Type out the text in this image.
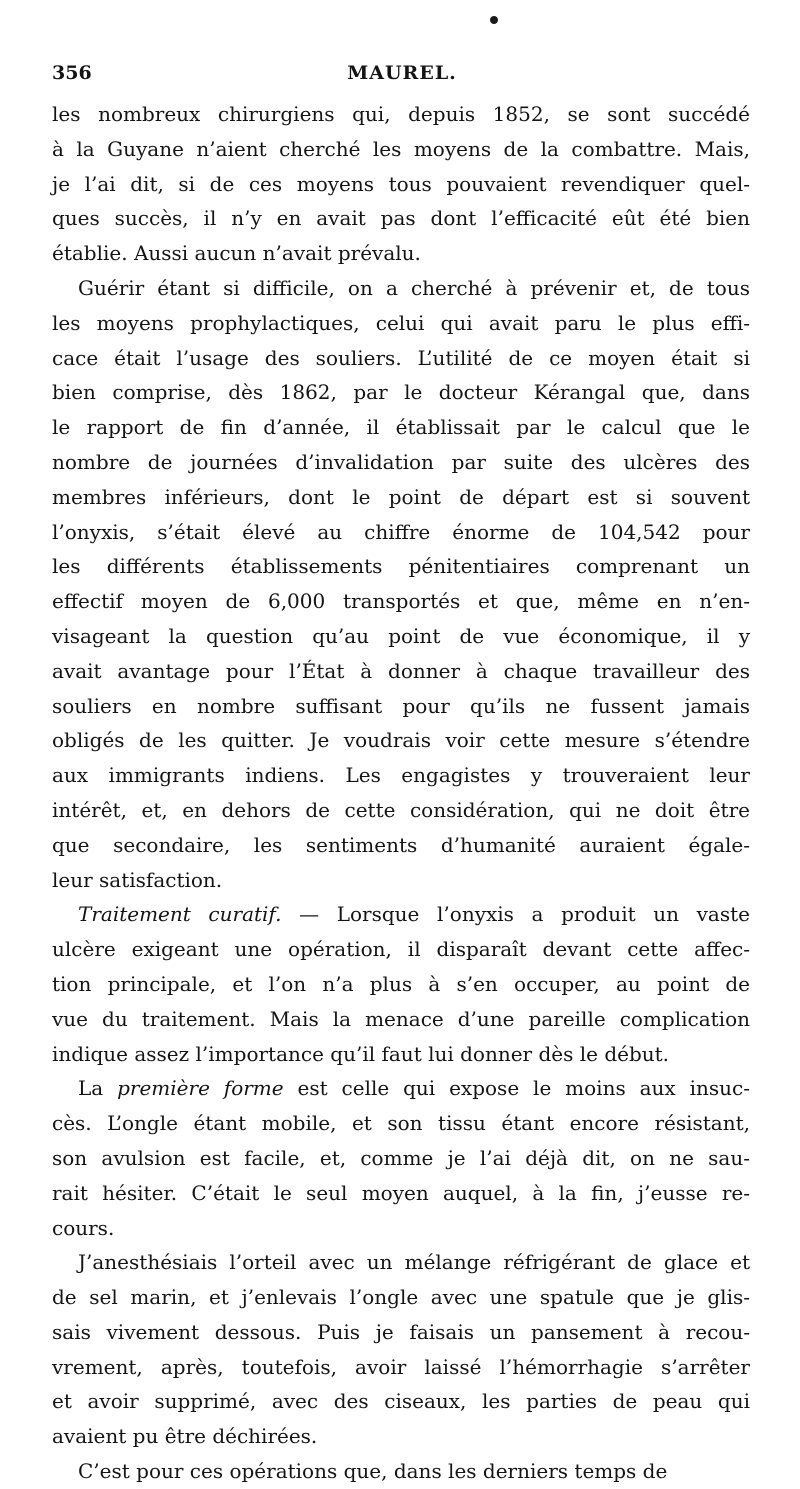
356	MAUREL.
les nombreux chirurgiens qui, depuis 1852, se sont succédé
à la Guyane n’aient cherché les moyens de la combattre. Mais,
je l’ai dit, si de ces moyens tous pouvaient revendiquer quel-
ques succès, il n’y en avait pas dont l’efficacité eût été bien
établie. Aussi aucun n’avait prévalu.
Guérir étant si difficile, on a cherché à prévenir et, de tous
les moyens prophylactiques, celui qui avait paru le plus effi-
cace était l’usage des souliers. L’utilité de ce moyen était si
bien comprise, dès 1862, par le docteur Kérangal que, dans
le rapport de fin d’année, il établissait par le calcul que le
nombre de journées d’invalidation par suite des ulcères des
membres inférieurs, dont le point de départ est si souvent
l’onyxis, s’était élevé au chiffre énorme de 104,542 pour
les différents établissements pénitentiaires comprenant un
effectif moyen de 6,000 transportés et que, même en n’en-
visageant la question qu’au point de vue économique, il y
avait avantage pour l’État à donner à chaque travailleur des
souliers en nombre suffisant pour qu’ils ne fussent jamais
obligés de les quitter. Je voudrais voir cette mesure s’étendre
aux immigrants indiens. Les engagistes y trouveraient leur
intérêt, et, en dehors de cette considération, qui ne doit être
que secondaire, les sentiments d’humanité auraient égale-
leur satisfaction.
Traitement curatif. — Lorsque l’onyxis a produit un vaste
ulcère exigeant une opération, il disparaît devant cette affec-
tion principale, et l’on n’a plus à s’en occuper, au point de
vue du traitement. Mais la menace d’une pareille complication
indique assez l’importance qu’il faut lui donner dès le début.
La première forme est celle qui expose le moins aux insuc-
cès. L’ongle étant mobile, et son tissu étant encore résistant,
son avulsion est facile, et, comme je l’ai déjà dit, on ne sau-
rait hésiter. C’était le seul moyen auquel, à la fin, j’eusse re-
cours.
J’anesthésiais l’orteil avec un mélange réfrigérant de glace et
de sel marin, et j’enlevais l’ongle avec une spatule que je glis-
sais vivement dessous. Puis je faisais un pansement à recou-
vrement, après, toutefois, avoir laissé l’hémorrhagie s’arrêter
et avoir supprimé, avec des ciseaux, les parties de peau qui
avaient pu être déchirées.
C’est pour ces opérations que, dans les derniers temps de
